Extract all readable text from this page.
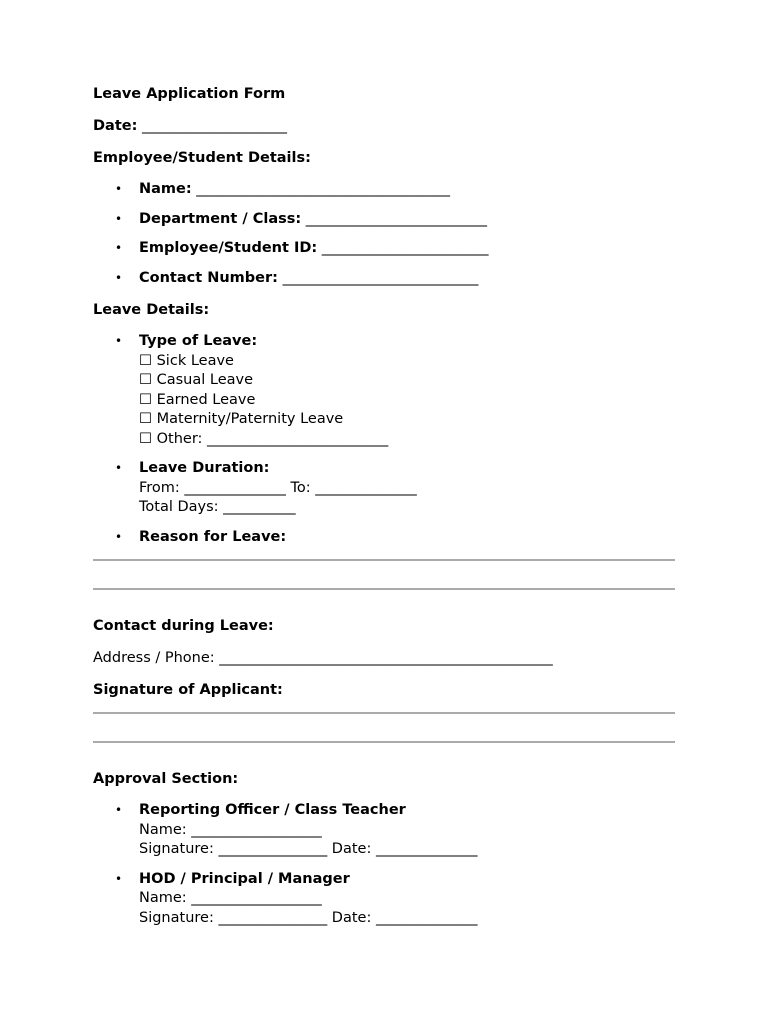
Leave Application Form
Date: ____________________
Employee/Student Details:
• Name: ___________________________________
• Department / Class: _________________________
• Employee/Student ID: _______________________
• Contact Number: ___________________________
Leave Details:
• Type of Leave:
☐ Sick Leave
☐ Casual Leave
☐ Earned Leave
☐ Maternity/Paternity Leave
☐ Other: _________________________
• Leave Duration:
From: ______________ To: ______________
Total Days: __________
• Reason for Leave:
Contact during Leave:
Address / Phone: ______________________________________________
Signature of Applicant:
Approval Section:
• Reporting Officer / Class Teacher
Name: __________________
Signature: _______________ Date: ______________
• HOD / Principal / Manager
Name: __________________
Signature: _______________ Date: ______________
